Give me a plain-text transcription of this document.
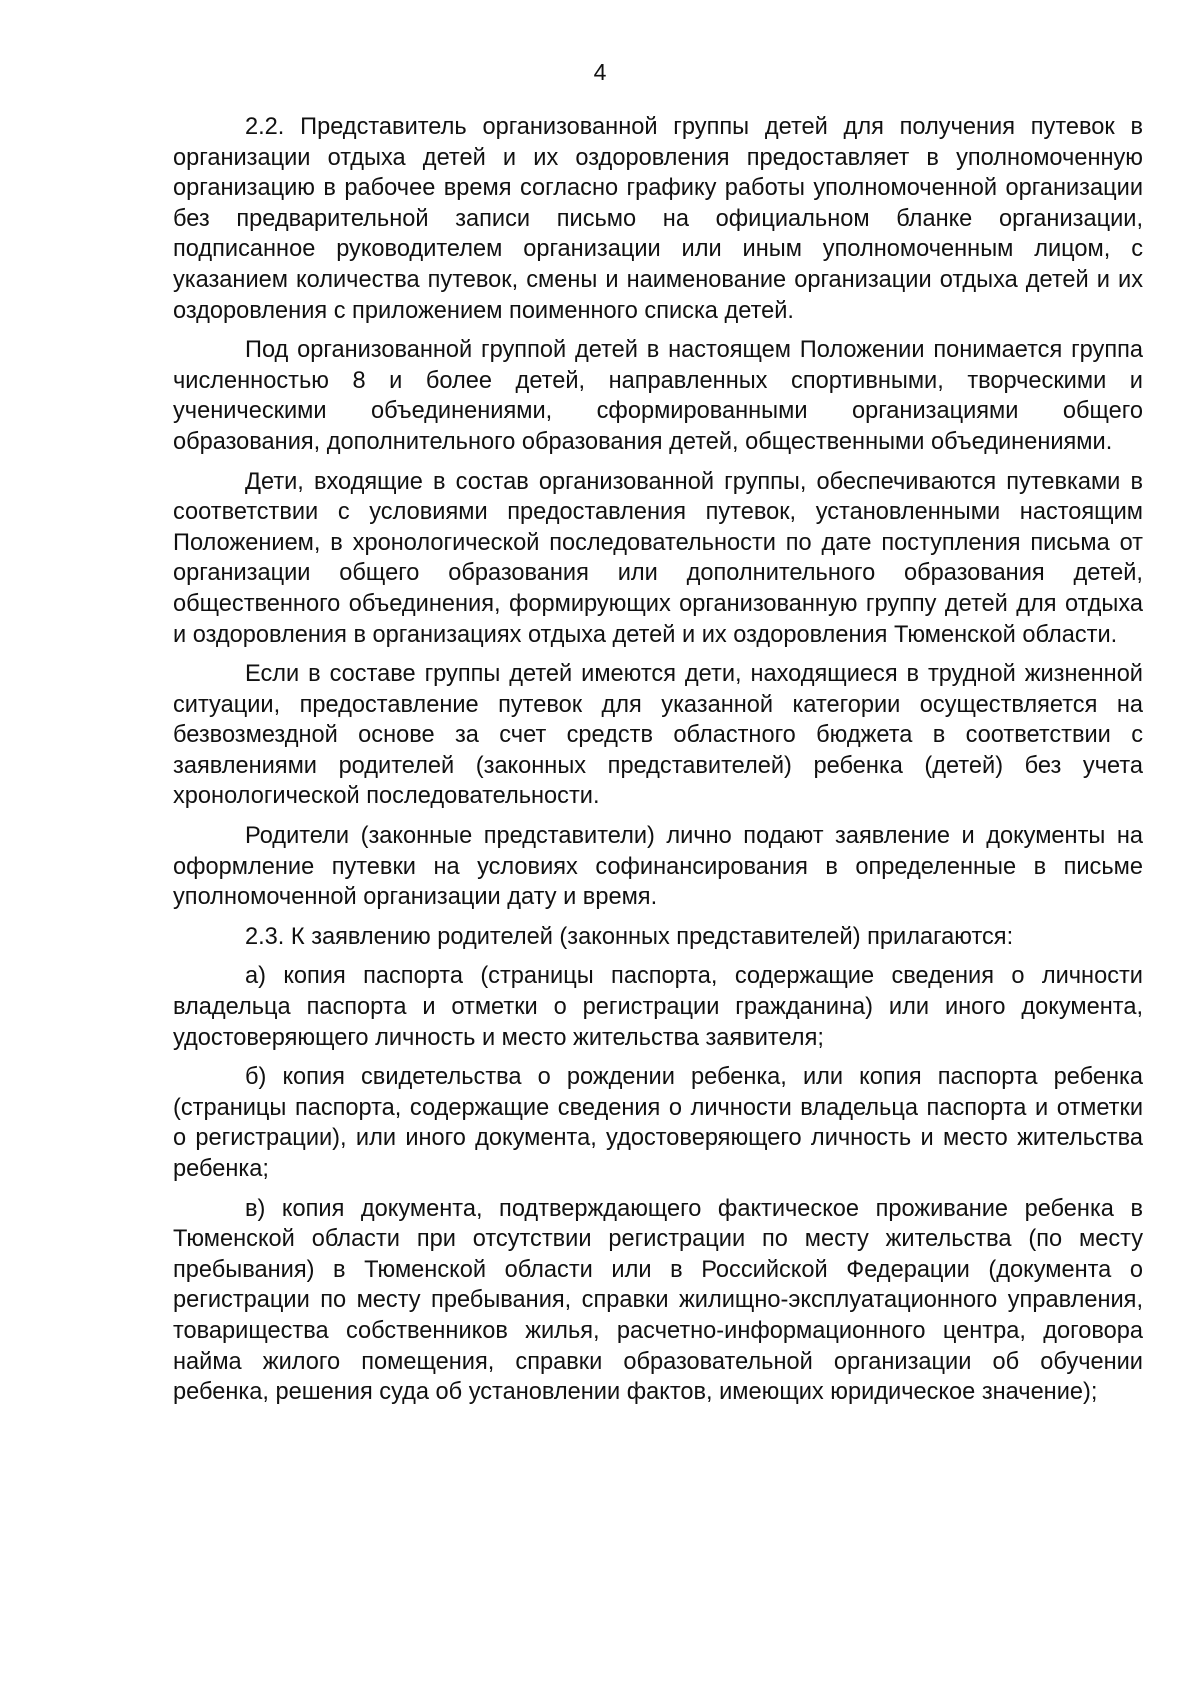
4

2.2. Представитель организованной группы детей для получения путевок в организации отдыха детей и их оздоровления предоставляет в уполномоченную организацию в рабочее время согласно графику работы уполномоченной организации без предварительной записи письмо на официальном бланке организации, подписанное руководителем организации или иным уполномоченным лицом, с указанием количества путевок, смены и наименование организации отдыха детей и их оздоровления с приложением поименного списка детей.

Под организованной группой детей в настоящем Положении понимается группа численностью 8 и более детей, направленных спортивными, творческими и ученическими объединениями, сформированными организациями общего образования, дополнительного образования детей, общественными объединениями.

Дети, входящие в состав организованной группы, обеспечиваются путевками в соответствии с условиями предоставления путевок, установленными настоящим Положением, в хронологической последовательности по дате поступления письма от организации общего образования или дополнительного образования детей, общественного объединения, формирующих организованную группу детей для отдыха и оздоровления в организациях отдыха детей и их оздоровления Тюменской области.

Если в составе группы детей имеются дети, находящиеся в трудной жизненной ситуации, предоставление путевок для указанной категории осуществляется на безвозмездной основе за счет средств областного бюджета в соответствии с заявлениями родителей (законных представителей) ребенка (детей) без учета хронологической последовательности.

Родители (законные представители) лично подают заявление и документы на оформление путевки на условиях софинансирования в определенные в письме уполномоченной организации дату и время.

2.3. К заявлению родителей (законных представителей) прилагаются:

а) копия паспорта (страницы паспорта, содержащие сведения о личности владельца паспорта и отметки о регистрации гражданина) или иного документа, удостоверяющего личность и место жительства заявителя;

б) копия свидетельства о рождении ребенка, или копия паспорта ребенка (страницы паспорта, содержащие сведения о личности владельца паспорта и отметки о регистрации), или иного документа, удостоверяющего личность и место жительства ребенка;

в) копия документа, подтверждающего фактическое проживание ребенка в Тюменской области при отсутствии регистрации по месту жительства (по месту пребывания) в Тюменской области или в Российской Федерации (документа о регистрации по месту пребывания, справки жилищно-эксплуатационного управления, товарищества собственников жилья, расчетно-информационного центра, договора найма жилого помещения, справки образовательной организации об обучении ребенка, решения суда об установлении фактов, имеющих юридическое значение);
